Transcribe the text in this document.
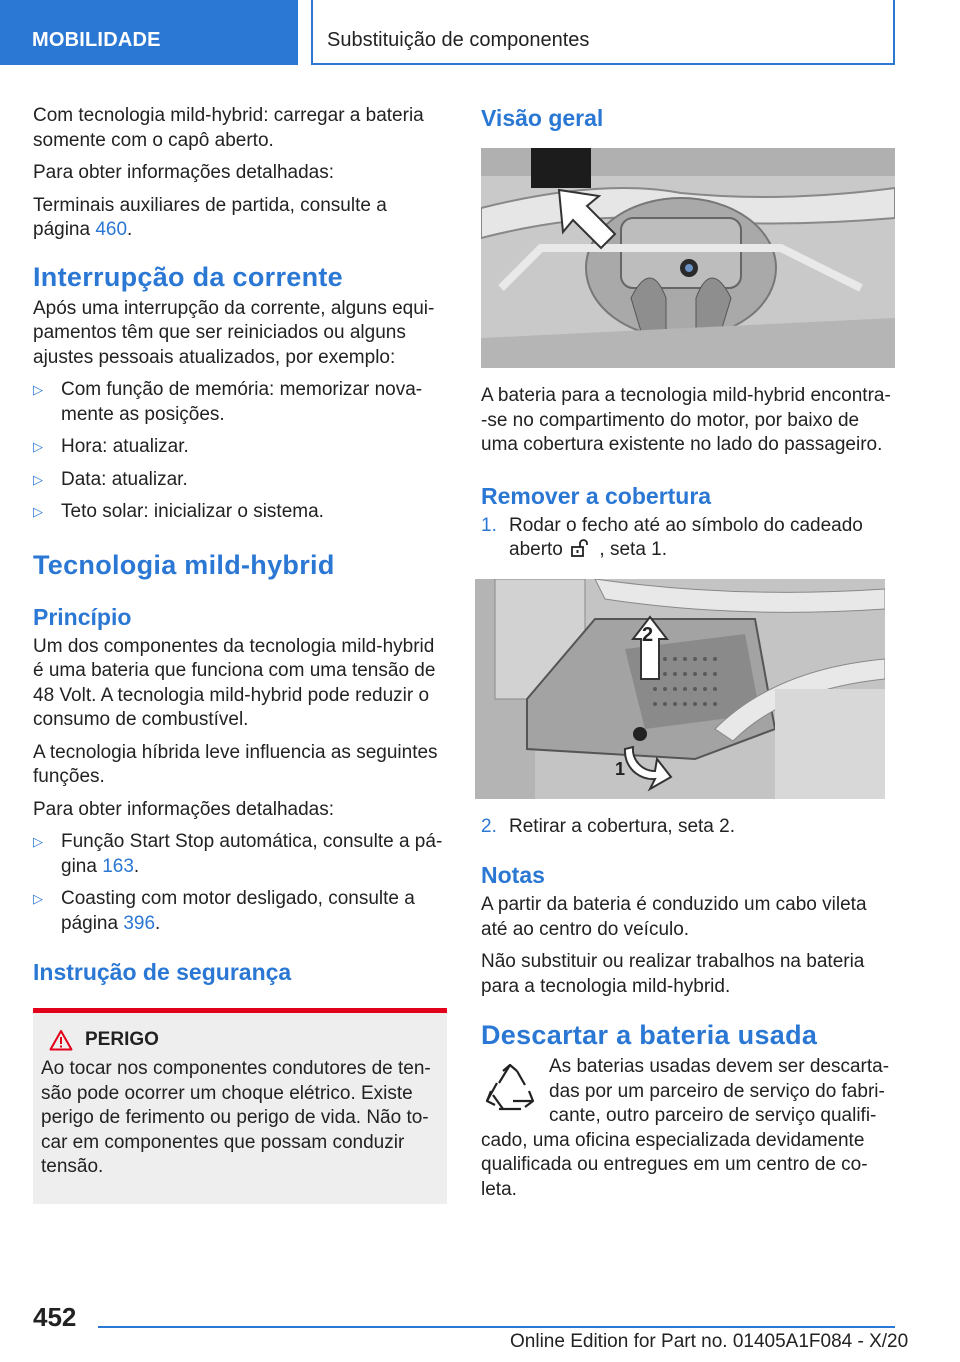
MOBILIDADE	Substituição de componentes

Com tecnologia mild-hybrid: carregar a bateria somente com o capô aberto.

Para obter informações detalhadas:

Terminais auxiliares de partida, consulte a página 460.

Interrupção da corrente

Após uma interrupção da corrente, alguns equi-pamentos têm que ser reiniciados ou alguns ajustes pessoais atualizados, por exemplo:

▷ Com função de memória: memorizar nova-mente as posições.
▷ Hora: atualizar.
▷ Data: atualizar.
▷ Teto solar: inicializar o sistema.
Tecnologia mild-hybrid
Princípio

Um dos componentes da tecnologia mild-hybrid é uma bateria que funciona com uma tensão de 48 Volt. A tecnologia mild-hybrid pode reduzir o consumo de combustível.

A tecnologia híbrida leve influencia as seguintes funções.

Para obter informações detalhadas:

▷ Função Start Stop automática, consulte a pá-gina 163.
▷ Coasting com motor desligado, consulte a página 396.
Instrução de segurança
PERIGO

Ao tocar nos componentes condutores de ten-são pode ocorrer um choque elétrico. Existe perigo de ferimento ou perigo de vida. Não to-car em componentes que possam conduzir tensão.

Visão geral

A bateria para a tecnologia mild-hybrid encontra--se no compartimento do motor, por baixo de uma cobertura existente no lado do passageiro.

Remover a cobertura
1. Rodar o fecho até ao símbolo do cadeado aberto  , seta 1.
2
1
2. Retirar a cobertura, seta 2.
Notas

A partir da bateria é conduzido um cabo vileta até ao centro do veículo.

Não substituir ou realizar trabalhos na bateria para a tecnologia mild-hybrid.

Descartar a bateria usada

As baterias usadas devem ser descarta-das por um parceiro de serviço do fabri-cante, outro parceiro de serviço qualifi-

cado, uma oficina especializada devidamente qualificada ou entregues em um centro de co-leta.

452
Online Edition for Part no. 01405A1F084 - X/20
